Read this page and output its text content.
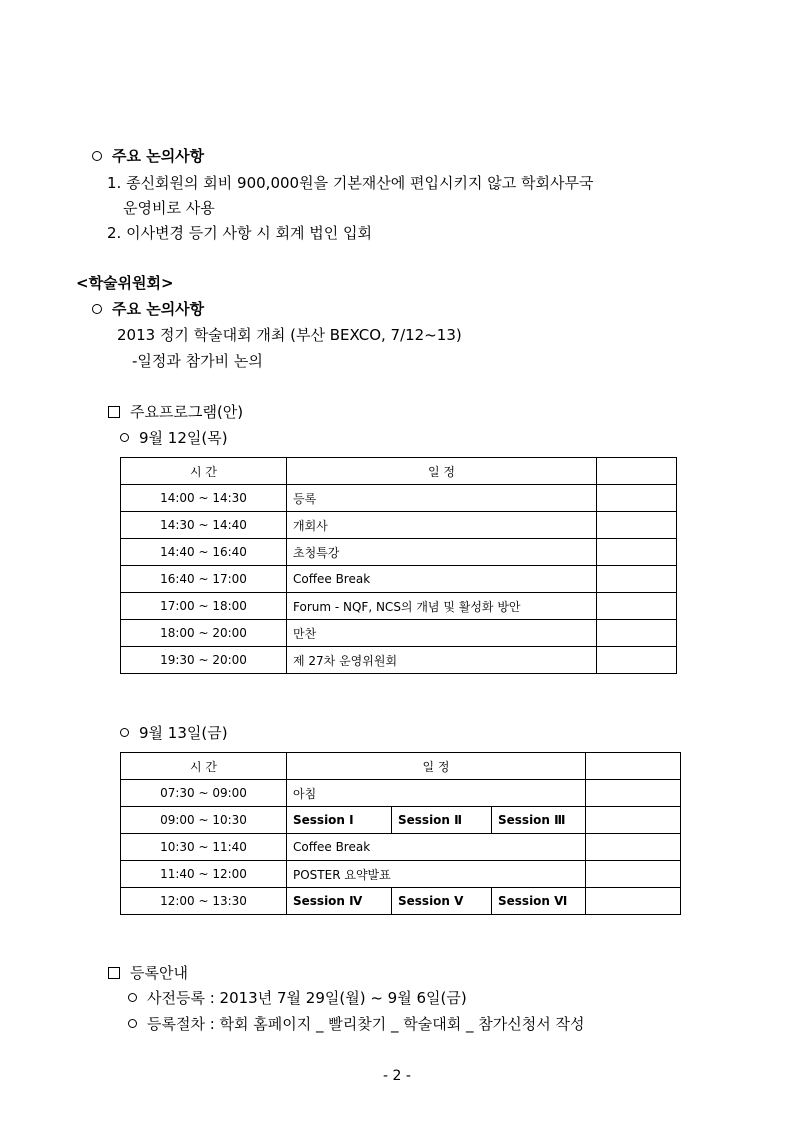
주요 논의사항
1. 종신회원의 회비 900,000원을 기본재산에 편입시키지 않고 학회사무국
운영비로 사용
2. 이사변경 등기 사항 시 회계 법인 입회
<학술위원회>
주요 논의사항
2013 정기 학술대회 개최 (부산 BEXCO, 7/12~13)
-일정과 참가비 논의
주요프로그램(안)
9월 12일(목)
시 간	일 정	
14:00 ~ 14:30	등록	
14:30 ~ 14:40	개회사	
14:40 ~ 16:40	초청특강	
16:40 ~ 17:00	Coffee Break	
17:00 ~ 18:00	Forum - NQF, NCS의 개념 및 활성화 방안	
18:00 ~ 20:00	만찬	
19:30 ~ 20:00	제 27차 운영위원회	
9월 13일(금)
시 간	일 정			
07:30 ~ 09:00	아침			
09:00 ~ 10:30	Session Ⅰ	Session Ⅱ	Session Ⅲ	
10:30 ~ 11:40	Coffee Break			
11:40 ~ 12:00	POSTER 요약발표			
12:00 ~ 13:30	Session Ⅳ	Session Ⅴ	Session Ⅵ	
등록안내
사전등록 : 2013년 7월 29일(월) ~ 9월 6일(금)
등록절차 : 학회 홈페이지 _ 빨리찾기 _ 학술대회 _ 참가신청서 작성
- 2 -
